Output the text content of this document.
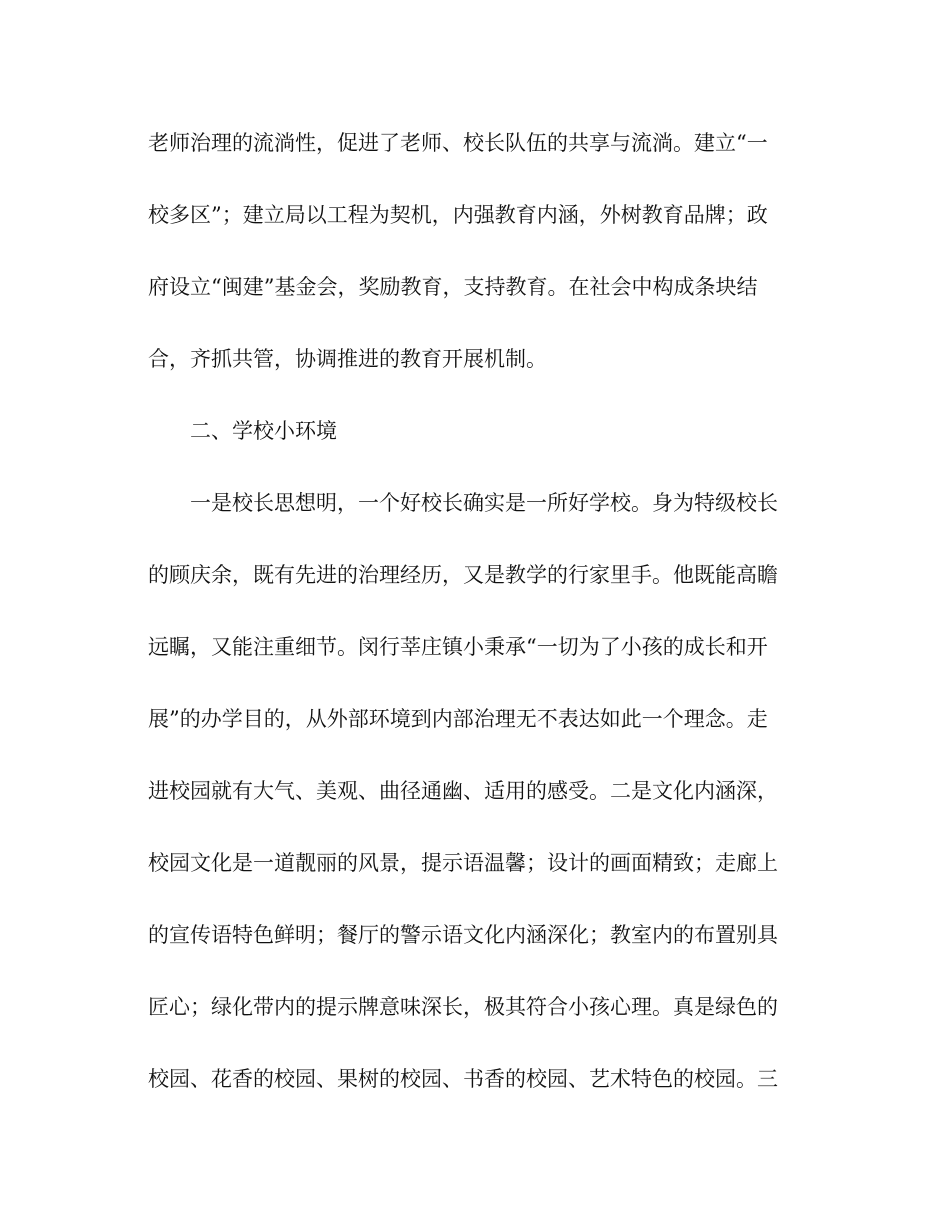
老师治理的流淌性，促进了老师、校长队伍的共享与流淌。建立“一
校多区”；建立局以工程为契机，内强教育内涵，外树教育品牌；政
府设立“闽建”基金会，奖励教育，支持教育。在社会中构成条块结
合，齐抓共管，协调推进的教育开展机制。
二、学校小环境
一是校长思想明，一个好校长确实是一所好学校。身为特级校长
的顾庆余，既有先进的治理经历，又是教学的行家里手。他既能高瞻
远瞩，又能注重细节。闵行莘庄镇小秉承“一切为了小孩的成长和开
展”的办学目的，从外部环境到内部治理无不表达如此一个理念。走
进校园就有大气、美观、曲径通幽、适用的感受。二是文化内涵深，
校园文化是一道靓丽的风景，提示语温馨；设计的画面精致；走廊上
的宣传语特色鲜明；餐厅的警示语文化内涵深化；教室内的布置别具
匠心；绿化带内的提示牌意味深长，极其符合小孩心理。真是绿色的
校园、花香的校园、果树的校园、书香的校园、艺术特色的校园。三
